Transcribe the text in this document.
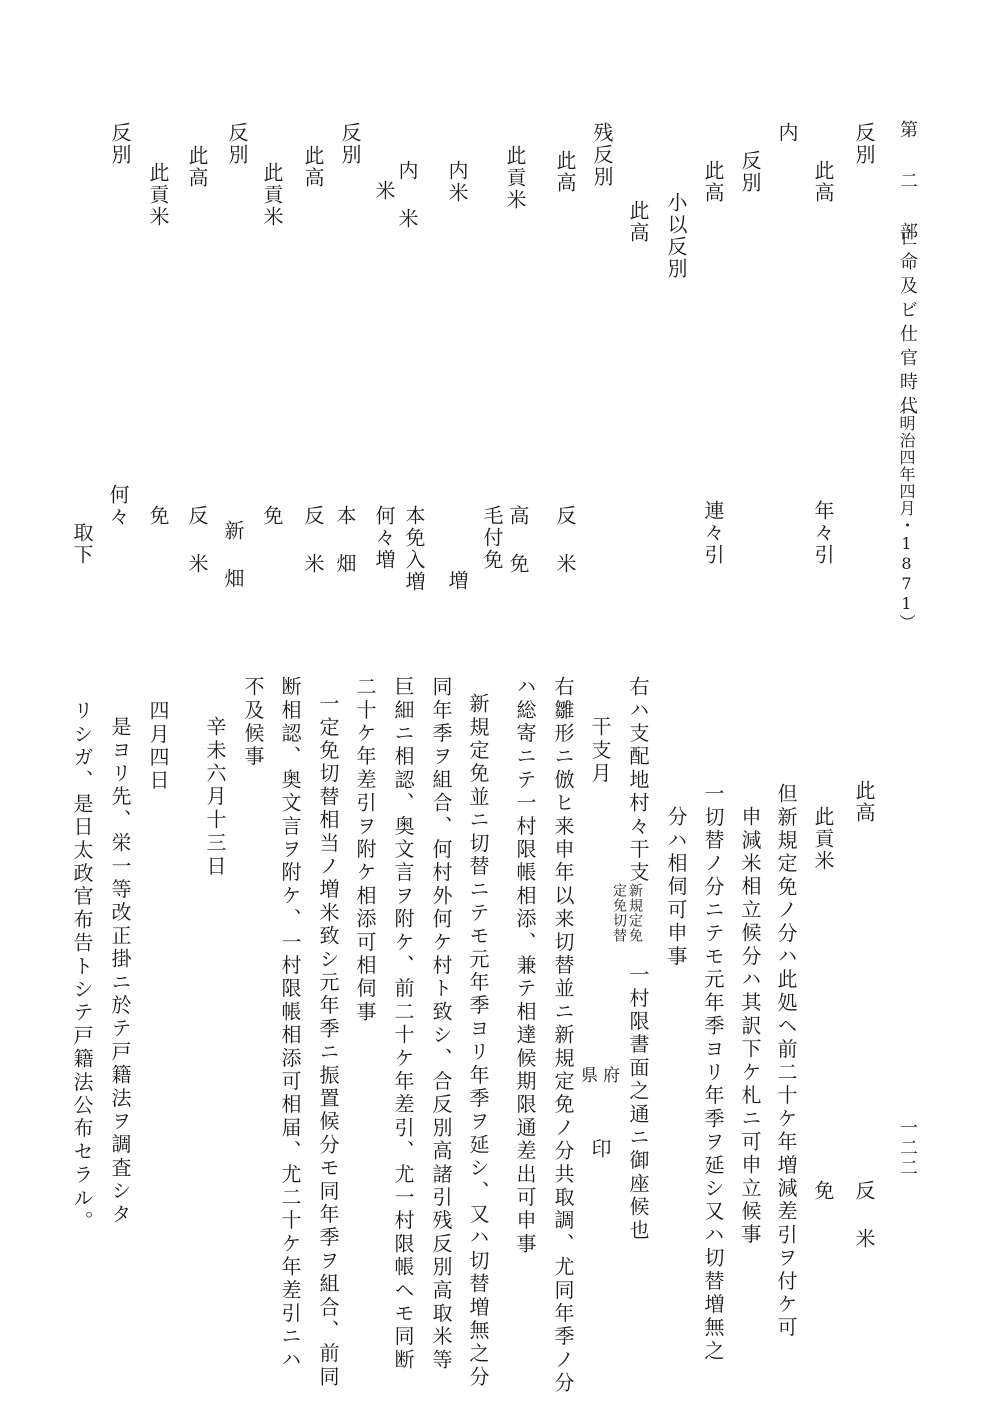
第 二 部
亡命及ビ仕官時代
（明治四年四月・1871）
一二二
反別
此高
年々引
内
反別
此高
連々引
小以反別
此高
残反別
此高
反 米
此貢米
高 免
毛付免
内米
増
内 米
本免入増
米
何々増
反別
本 畑
此高
反 米
此貢米
免
新 畑
反別
此高
反 米
此貢米
免
反別
何々
取下
此高
反 米
此貢米
免
但新規定免ノ分ハ此処ヘ前二十ケ年増減差引ヲ付ケ可
申減米相立候分ハ其訳下ケ札ニ可申立候事
一切替ノ分ニテモ元年季ヨリ年季ヲ延シ又ハ切替増無之
分ハ相伺可申事
右ハ支配地村々干支
新規定免
定免切替
一村限書面之通ニ御座候也
干支月
府
県
印
右雛形ニ倣ヒ来申年以来切替並ニ新規定免ノ分共取調、尤同年季ノ分
ハ総寄ニテ一村限帳相添、兼テ相達候期限通差出可申事
新規定免並ニ切替ニテモ元年季ヨリ年季ヲ延シ、又ハ切替増無之分
同年季ヲ組合、何村外何ケ村ト致シ、合反別高諸引残反別高取米等
巨細ニ相認、奥文言ヲ附ケ、前二十ケ年差引、尤一村限帳ヘモ同断
二十ケ年差引ヲ附ケ相添可相伺事
一定免切替相当ノ増米致シ元年季ニ振置候分モ同年季ヲ組合、前同
断相認、奥文言ヲ附ケ、一村限帳相添可相届、尤二十ケ年差引ニハ
不及候事
辛未六月十三日
四月四日
是ヨリ先、栄一等改正掛ニ於テ戸籍法ヲ調査シタ
リシガ、是日太政官布告トシテ戸籍法公布セラル。
